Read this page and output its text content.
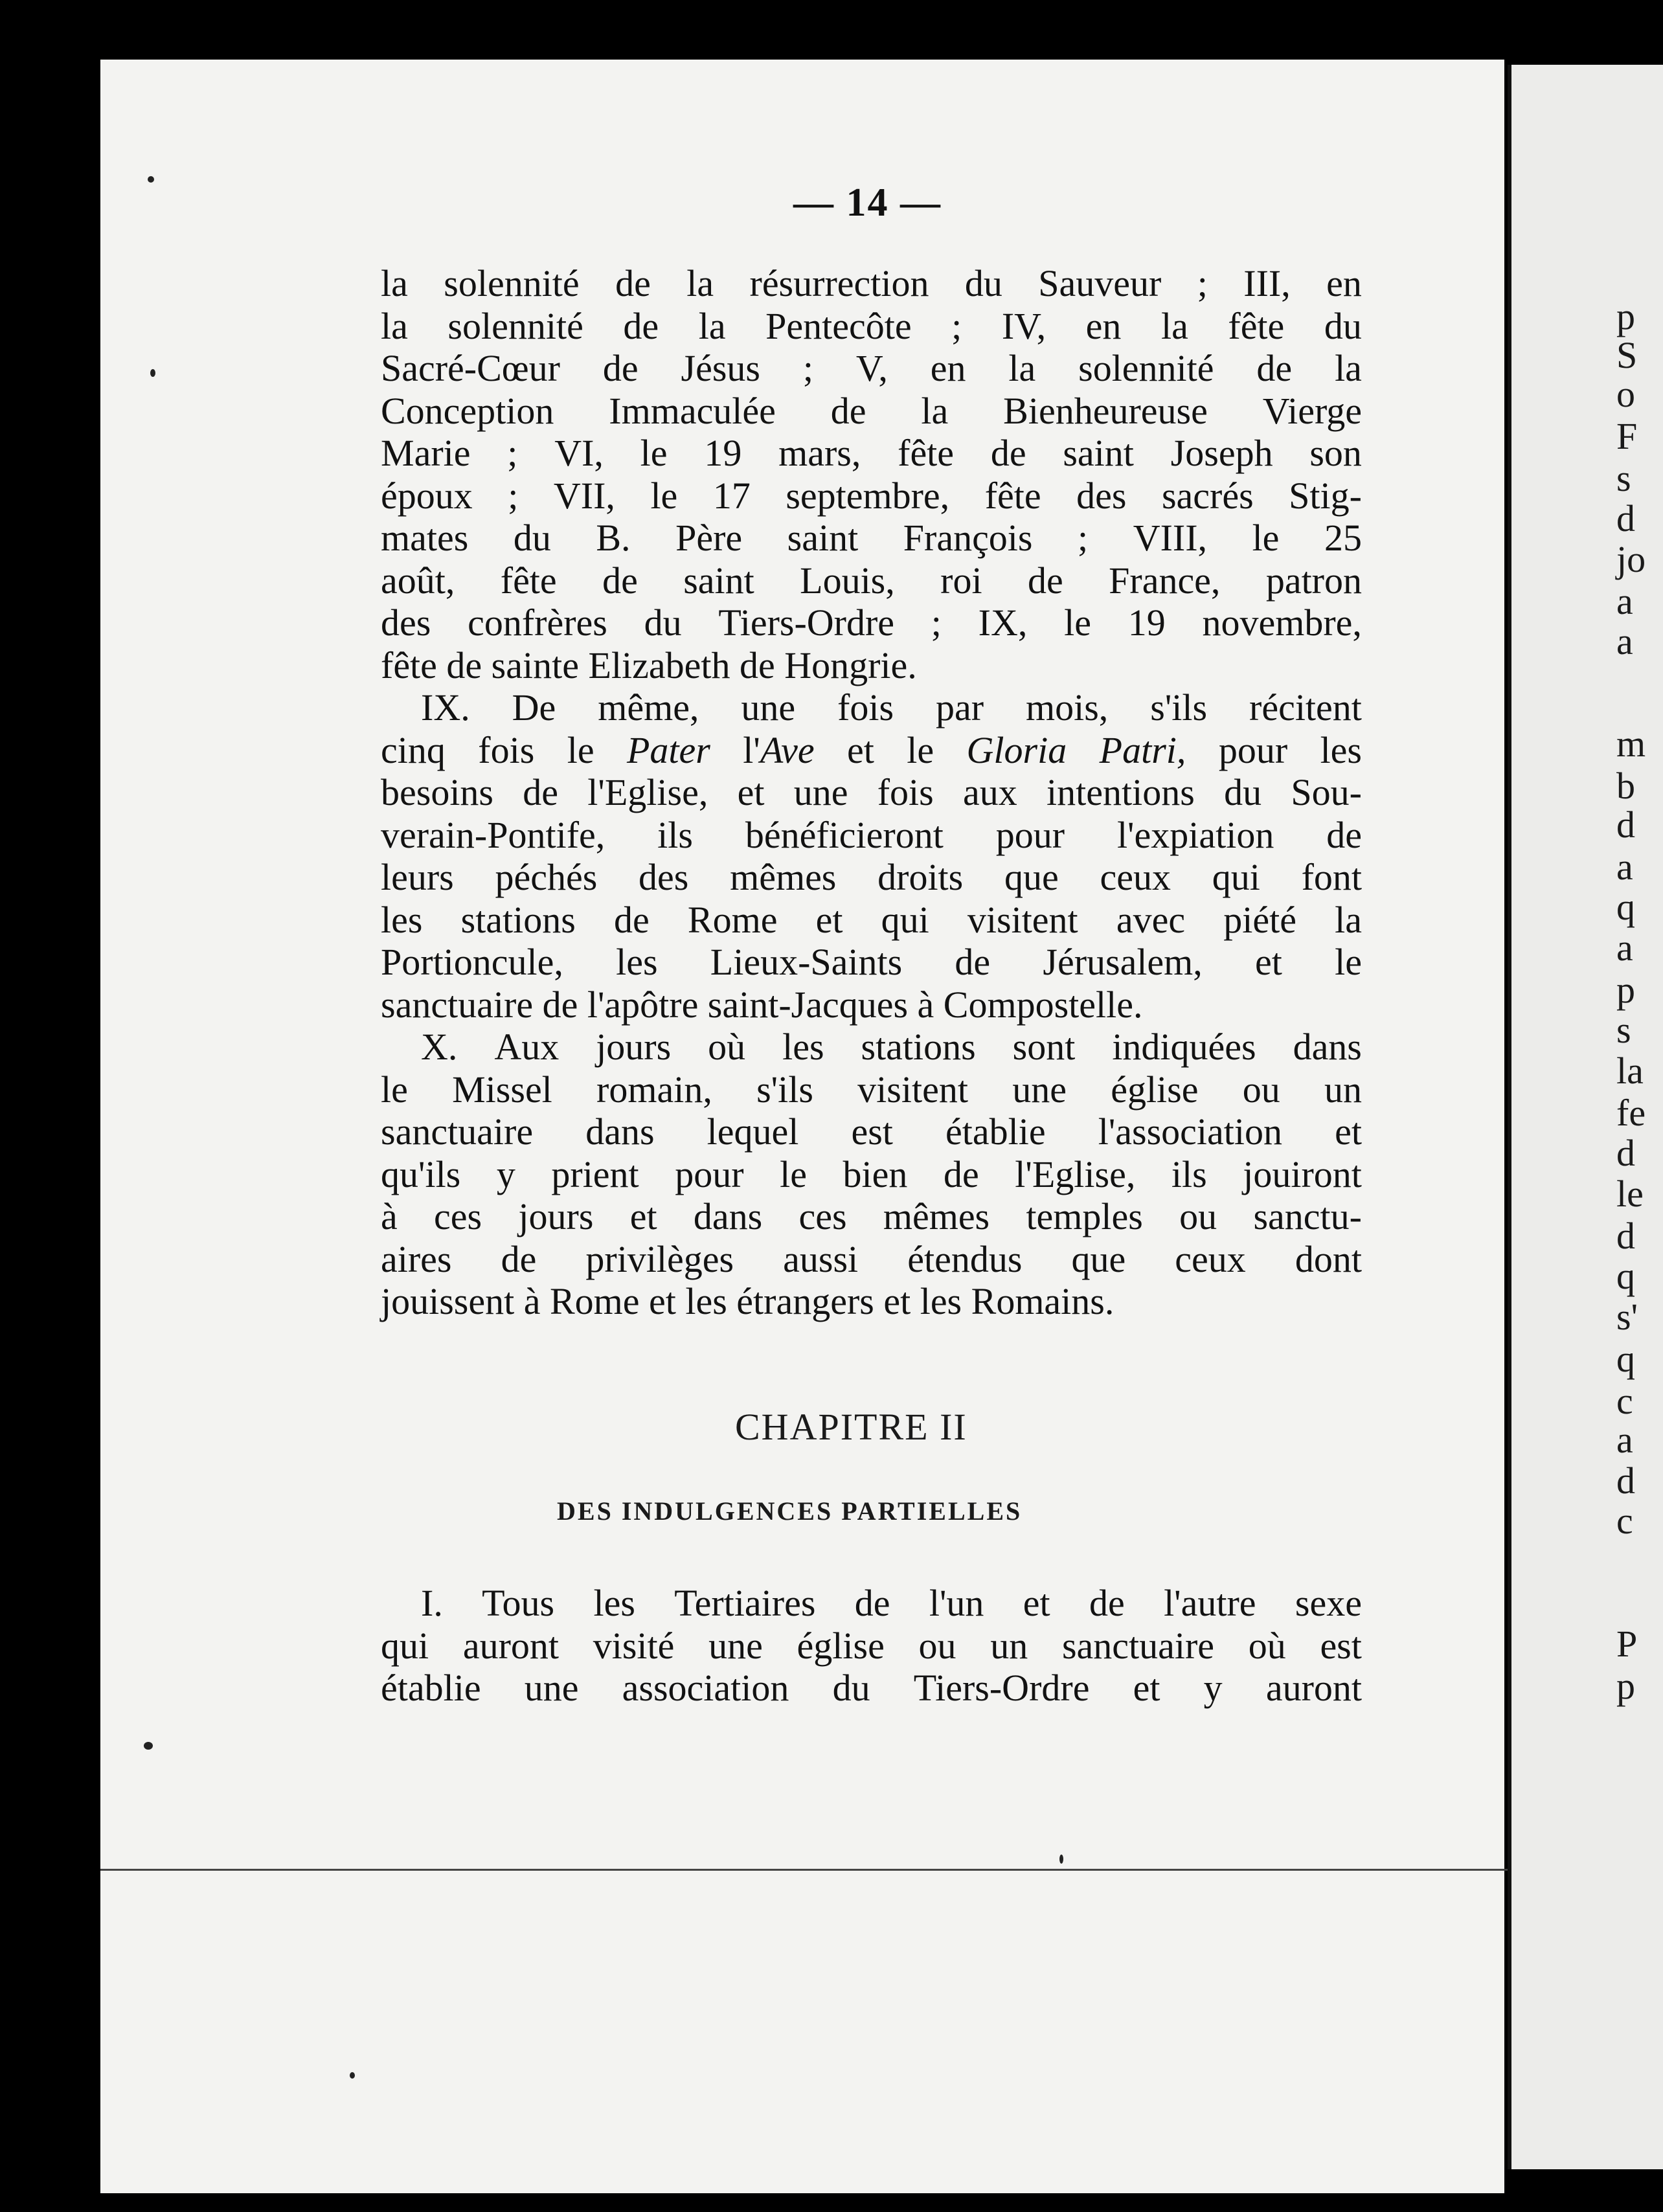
p
S
o
F
s
d
jo
a
a
m
b
d
a
q
a
p
s
la
fe
d
le
d
q
s'
q
c
a
d
c
P
p
— 14 —
la solennité de la résurrection du Sauveur ; III, en
la solennité de la Pentecôte ; IV, en la fête du
Sacré-Cœur de Jésus ; V, en la solennité de la
Conception Immaculée de la Bienheureuse Vierge
Marie ; VI, le 19 mars, fête de saint Joseph son
époux ; VII, le 17 septembre, fête des sacrés Stig-
mates du B. Père saint François ; VIII, le 25
août, fête de saint Louis, roi de France, patron
des confrères du Tiers-Ordre ; IX, le 19 novembre,
fête de sainte Elizabeth de Hongrie.
IX. De même, une fois par mois, s'ils récitent
cinq fois le Pater l'Ave et le Gloria Patri, pour les
besoins de l'Eglise, et une fois aux intentions du Sou-
verain-Pontife, ils bénéficieront pour l'expiation de
leurs péchés des mêmes droits que ceux qui font
les stations de Rome et qui visitent avec piété la
Portioncule, les Lieux-Saints de Jérusalem, et le
sanctuaire de l'apôtre saint-Jacques à Compostelle.
X. Aux jours où les stations sont indiquées dans
le Missel romain, s'ils visitent une église ou un
sanctuaire dans lequel est établie l'association et
qu'ils y prient pour le bien de l'Eglise, ils jouiront
à ces jours et dans ces mêmes temples ou sanctu-
aires de privilèges aussi étendus que ceux dont
jouissent à Rome et les étrangers et les Romains.
CHAPITRE II
DES INDULGENCES PARTIELLES
I. Tous les Tertiaires de l'un et de l'autre sexe
qui auront visité une église ou un sanctuaire où est
établie une association du Tiers-Ordre et y auront
